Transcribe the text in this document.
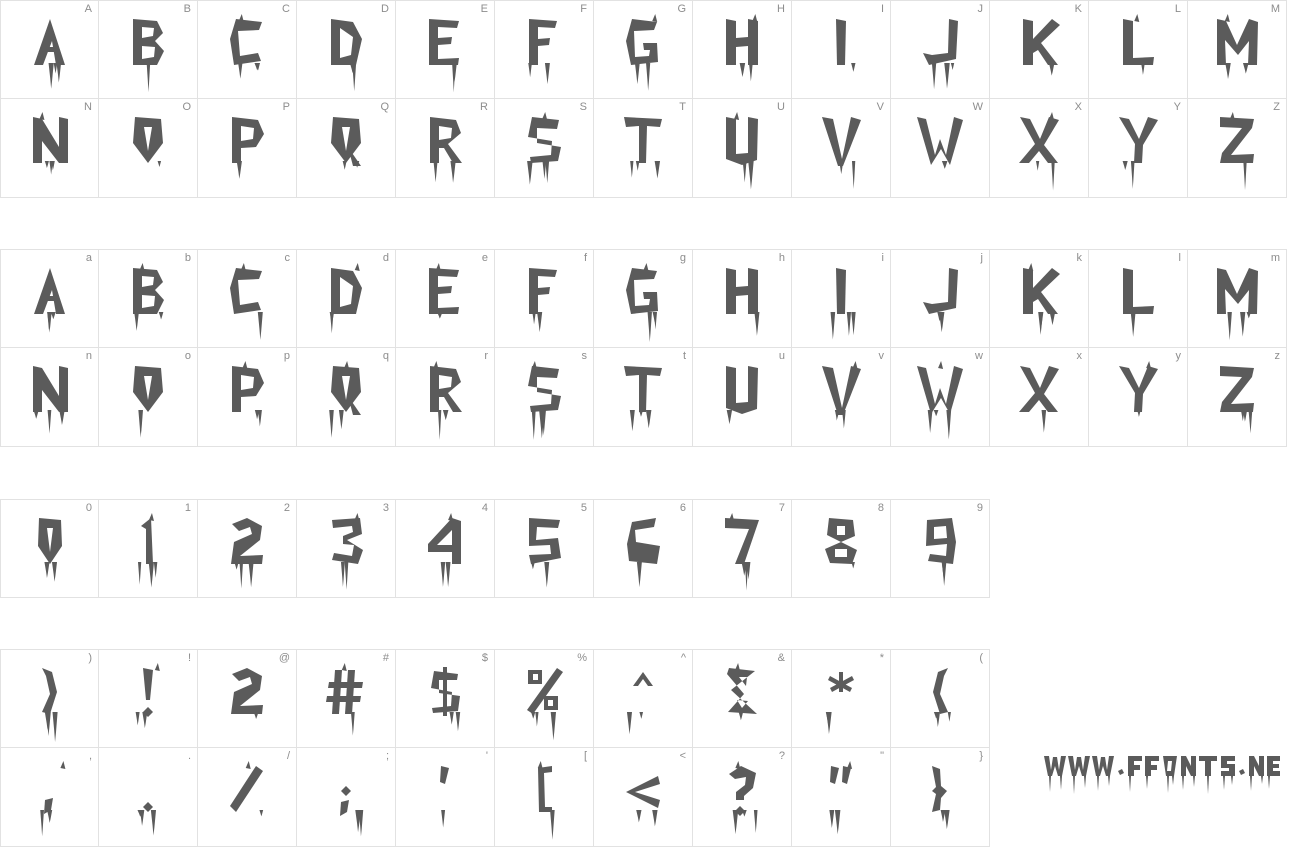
A	B	C	D	E	F	G	H	I	J	K	L	M
N	O	P	Q	R	S	T	U	V	W	X	Y	Z
a	b	c	d	e	f	g	h	i	j	k	l	m
n	o	p	q	r	s	t	u	v	w	x	y	z
0	1	2	3	4	5	6	7	8	9
)	!	@	#	$	%	^	&	*	(
,	.	/	;	'	[	<	?	"	}
